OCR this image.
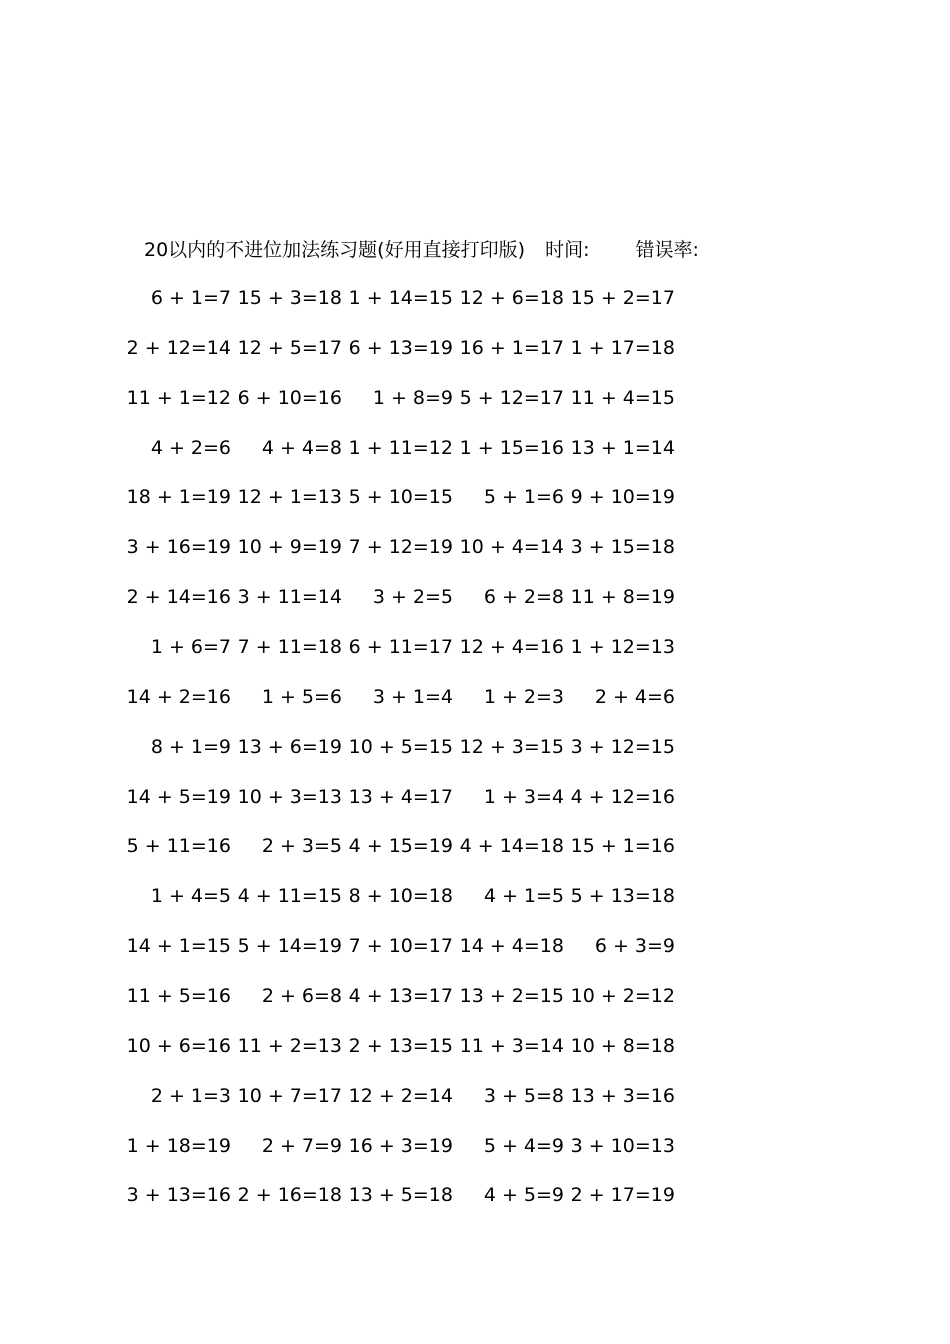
20以内的不进位加法练习题(好用直接打印版) 时间: 错误率:
6 + 1=7 15 + 3=18 1 + 14=15 12 + 6=18 15 + 2=17
2 + 12=14 12 + 5=17 6 + 13=19 16 + 1=17 1 + 17=18
11 + 1=12 6 + 10=16	1 + 8=9 5 + 12=17 11 + 4=15
4 + 2=6	4 + 4=8 1 + 11=12 1 + 15=16 13 + 1=14
18 + 1=19 12 + 1=13 5 + 10=15	5 + 1=6 9 + 10=19
3 + 16=19 10 + 9=19 7 + 12=19 10 + 4=14 3 + 15=18
2 + 14=16 3 + 11=14	3 + 2=5	6 + 2=8 11 + 8=19
1 + 6=7 7 + 11=18 6 + 11=17 12 + 4=16 1 + 12=13
14 + 2=16	1 + 5=6	3 + 1=4	1 + 2=3	2 + 4=6
8 + 1=9 13 + 6=19 10 + 5=15 12 + 3=15 3 + 12=15
14 + 5=19 10 + 3=13 13 + 4=17	1 + 3=4 4 + 12=16
5 + 11=16	2 + 3=5 4 + 15=19 4 + 14=18 15 + 1=16
1 + 4=5 4 + 11=15 8 + 10=18	4 + 1=5 5 + 13=18
14 + 1=15 5 + 14=19 7 + 10=17 14 + 4=18	6 + 3=9
11 + 5=16	2 + 6=8 4 + 13=17 13 + 2=15 10 + 2=12
10 + 6=16 11 + 2=13 2 + 13=15 11 + 3=14 10 + 8=18
2 + 1=3 10 + 7=17 12 + 2=14	3 + 5=8 13 + 3=16
1 + 18=19	2 + 7=9 16 + 3=19	5 + 4=9 3 + 10=13
3 + 13=16 2 + 16=18 13 + 5=18	4 + 5=9 2 + 17=19
